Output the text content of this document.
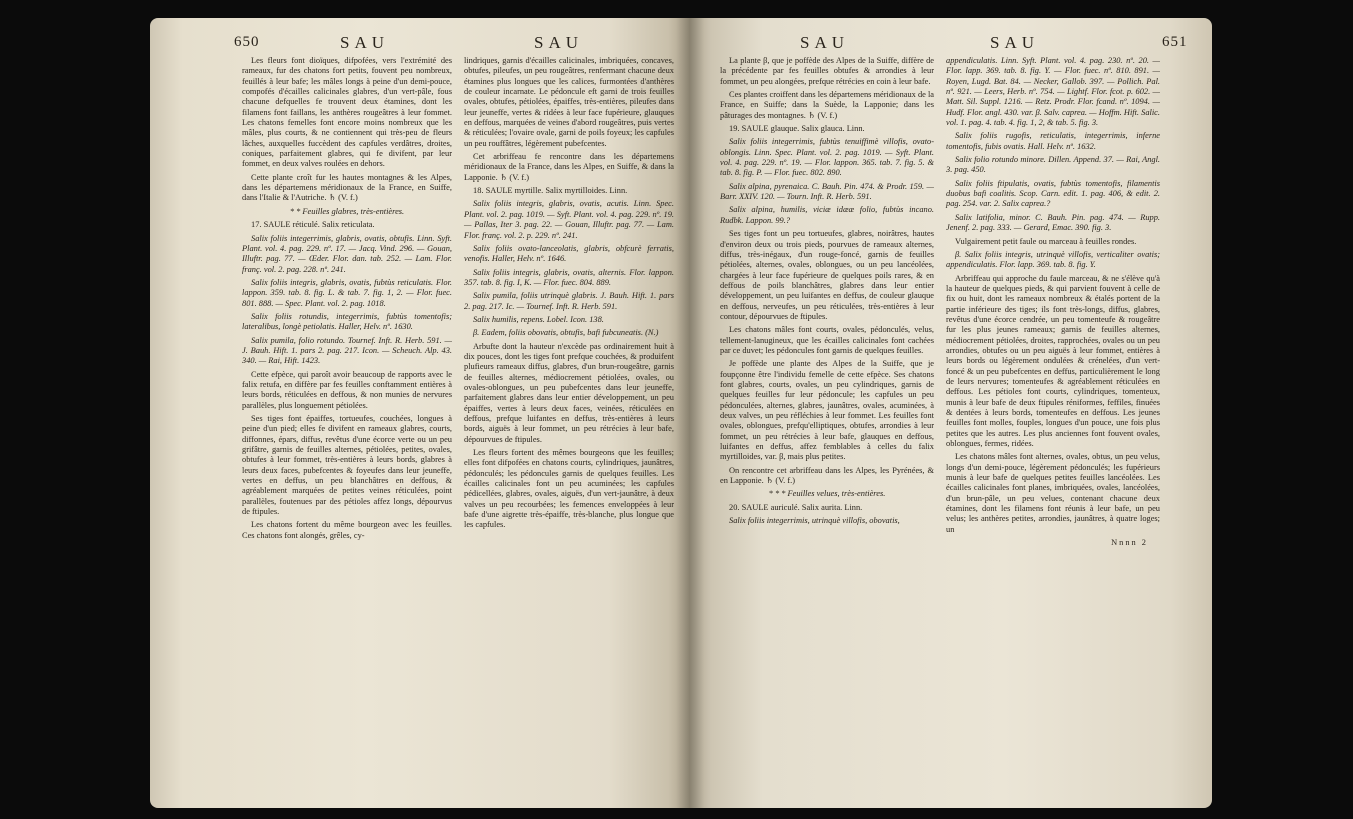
650	SAU	SAU

Les fleurs font dioïques, difpofées, vers l'extrémité des rameaux, fur des chatons fort petits, fouvent peu nombreux, feuillés à leur bafe; les mâles longs à peine d'un demi-pouce, compofés d'écailles calicinales glabres, d'un vert-pâle, fous chacune defquelles fe trouvent deux étamines, dont les filamens font faillans, les anthères rougeâtres à leur fommet. Les chatons femelles font encore moins nombreux que les mâles, plus courts, & ne contiennent qui très-peu de fleurs lâches, auxquelles fuccèdent des capfules verdâtres, droites, coniques, parfaitement glabres, qui fe divifent, par leur fommet, en deux valves roulées en dehors.

Cette plante croît fur les hautes montagnes & les Alpes, dans les départemens méridionaux de la France, en Suiffe, dans l'Italie & l'Autriche. ♄ (V. f.)

* * Feuilles glabres, très-entières.

17. SAULE réticulé. Salix reticulata.

Salix foliis integerrimis, glabris, ovatis, obtufis. Linn. Syft. Plant. vol. 4. pag. 229. nº. 17. — Jacq. Vind. 296. — Gouan, Illuftr. pag. 77. — Œder. Flor. dan. tab. 252. — Lam. Flor. franç. vol. 2. pag. 228. nº. 241.

Salix foliis integris, glabris, ovatis, fubtùs reticulatis. Flor. lappon. 359. tab. 8. fig. L. & tab. 7. fig. 1, 2. — Flor. fuec. 801. 888. — Spec. Plant. vol. 2. pag. 1018.

Salix foliis rotundis, integerrimis, fubtùs tomentofis; lateralibus, longè petiolatis. Haller, Helv. nº. 1630.

Salix pumila, folio rotundo. Tournef. Inft. R. Herb. 591. — J. Bauh. Hift. 1. pars 2. pag. 217. Icon. — Scheuch. Alp. 43. 340. — Rai, Hift. 1423.

Cette efpèce, qui paroît avoir beaucoup de rapports avec le falix retufa, en diffère par fes feuilles conftamment entières à leurs bords, réticulées en deffous, & non munies de nervures parallèles, plus longuement pétiolées.

Ses tiges font épaiffes, tortueufes, couchées, longues à peine d'un pied; elles fe divifent en rameaux glabres, courts, diffonnes, épars, diffus, revêtus d'une écorce verte ou un peu grifâtre, garnis de feuilles alternes, pétiolées, petites, ovales, obtufes à leur fommet, très-entières à leurs bords, glabres à leurs deux faces, pubefcentes & foyeufes dans leur jeuneffe, vertes en deffus, un peu blanchâtres en deffous, & agréablement marquées de petites veines réticulées, point parallèles, foutenues par des pétioles affez longs, dépourvus de ftipules.

Les chatons fortent du même bourgeon avec les feuilles. Ces chatons font alongés, grêles, cy-

lindriques, garnis d'écailles calicinales, imbriquées, concaves, obtufes, pileufes, un peu rougeâtres, renfermant chacune deux étamines plus longues que les calices, furmontées d'anthères de couleur incarnate. Le pédoncule eft garni de trois feuilles ovales, obtufes, pétiolées, épaiffes, très-entières, pileufes dans leur jeuneffe, vertes & ridées à leur face fupérieure, glauques en deffous, marquées de veines d'abord rougeâtres, puis vertes & réticulées; l'ovaire ovale, garni de poils foyeux; les capfules un peu rouffâtres, légèrement pubefcentes.

Cet arbriffeau fe rencontre dans les départemens méridionaux de la France, dans les Alpes, en Suiffe, & dans la Lapponie. ♄ (V. f.)

18. SAULE myrtille. Salix myrtilloides. Linn.

Salix foliis integris, glabris, ovatis, acutis. Linn. Spec. Plant. vol. 2. pag. 1019. — Syft. Plant. vol. 4. pag. 229. nº. 19. — Pallas, Iter 3. pag. 22. — Gouan, Illuftr. pag. 77. — Lam. Flor. franç. vol. 2. p. 229. nº. 241.

Salix foliis ovato-lanceolatis, glabris, obfcurè ferratis, venofis. Haller, Helv. nº. 1646.

Salix foliis integris, glabris, ovatis, alternis. Flor. lappon. 357. tab. 8. fig. I, K. — Flor. fuec. 804. 889.

Salix pumila, foliis utrinquè glabris. J. Bauh. Hift. 1. pars 2. pag. 217. Ic. — Tournef. Inft. R. Herb. 591.

Salix humilis, repens. Lobel. Icon. 138.

β. Eadem, foliis obovatis, obtufis, bafi fubcuneatis. (N.)

Arbufte dont la hauteur n'excède pas ordinairement huit à dix pouces, dont les tiges font prefque couchées, & produifent plufieurs rameaux diffus, glabres, d'un brun-rougeâtre, garnis de feuilles alternes, médiocrement pétiolées, ovales, ou ovales-oblongues, un peu pubefcentes dans leur jeuneffe, parfaitement glabres dans leur entier développement, un peu épaiffes, vertes à leurs deux faces, veinées, réticulées en deffous, prefque luifantes en deffus, très-entières à leurs bords, aiguës à leur fommet, un peu rétrécies à leur bafe, dépourvues de ftipules.

Les fleurs fortent des mêmes bourgeons que les feuilles; elles font difpofées en chatons courts, cylindriques, jaunâtres, pédonculés; les pédoncules garnis de quelques feuilles. Les écailles calicinales font un peu acuminées; les capfules pédicellées, glabres, ovales, aiguës, d'un vert-jaunâtre, à deux valves un peu recourbées; les femences enveloppées à leur bafe d'une aigrette très-épaiffe, très-blanche, plus longue que les capfules.

SAU	SAU	651

La plante β, que je poffède des Alpes de la Suiffe, diffère de la précédente par fes feuilles obtufes & arrondies à leur fommet, un peu alongées, prefque rétrécies en coin à leur bafe.

Ces plantes croiffent dans les départemens méridionaux de la France, en Suiffe; dans la Suède, la Lapponie; dans les pâturages des montagnes. ♄ (V. f.)

19. SAULE glauque. Salix glauca. Linn.

Salix foliis integerrimis, fubtùs tenuiffimè villofis, ovato-oblongis. Linn. Spec. Plant. vol. 2. pag. 1019. — Syft. Plant. vol. 4. pag. 229. nº. 19. — Flor. lappon. 365. tab. 7. fig. 5. & tab. 8. fig. P. — Flor. fuec. 802. 890.

Salix alpina, pyrenaica. C. Bauh. Pin. 474. & Prodr. 159. — Barr. XXIV. 120. — Tourn. Inft. R. Herb. 591.

Salix alpina, humilis, viciæ idææ folio, fubtùs incano. Rudbk. Lappon. 99.?

Ses tiges font un peu tortueufes, glabres, noirâtres, hautes d'environ deux ou trois pieds, pourvues de rameaux alternes, diffus, très-inégaux, d'un rouge-foncé, garnis de feuilles pétiolées, alternes, ovales, oblongues, ou un peu lancéolées, chargées à leur face fupérieure de quelques poils rares, & en deffous de poils blanchâtres, glabres dans leur entier développement, un peu luifantes en deffus, de couleur glauque en deffous, nerveufes, un peu réticulées, très-entières à leur contour, dépourvues de ftipules.

Les chatons mâles font courts, ovales, pédonculés, velus, tellement-lanugineux, que les écailles calicinales font cachées par ce duvet; les pédoncules font garnis de quelques feuilles.

Je poffède une plante des Alpes de la Suiffe, que je foupçonne être l'individu femelle de cette efpèce. Ses chatons font glabres, courts, ovales, un peu cylindriques, garnis de quelques feuilles fur leur pédoncule; les capfules un peu pédonculées, alternes, glabres, jaunâtres, ovales, acuminées, à deux valves, un peu réfléchies à leur fommet. Les feuilles font ovales, oblongues, prefqu'elliptiques, obtufes, arrondies à leur fommet, un peu rétrécies à leur bafe, glauques en deffous, luifantes en deffus, affez femblables à celles du falix myrtilloides, var. β, mais plus petites.

On rencontre cet arbriffeau dans les Alpes, les Pyrénées, & en Lapponie. ♄ (V. f.)

* * * Feuilles velues, très-entières.

20. SAULE auriculé. Salix aurita. Linn.

Salix foliis integerrimis, utrinquè villofis, obovatis,

appendiculatis. Linn. Syft. Plant. vol. 4. pag. 230. nº. 20. — Flor. lapp. 369. tab. 8. fig. Y. — Flor. fuec. nº. 810. 891. — Royen, Lugd. Bat. 84. — Necker, Gallob. 397. — Pollich. Pal. nº. 921. — Leers, Herb. nº. 754. — Lightf. Flor. fcot. p. 602. — Matt. Sil. Suppl. 1216. — Retz. Prodr. Flor. fcand. nº. 1094. — Hudf. Flor. angl. 430. var. β. Salv. caprea. — Hoffm. Hift. Salic. vol. 1. pag. 4. tab. 4. fig. 1, 2, & tab. 5. fig. 3.

Salix foliis rugofis, reticulatis, integerrimis, inferne tomentofis, fubis ovatis. Hall. Helv. nº. 1632.

Salix folio rotundo minore. Dillen. Append. 37. — Rai, Angl. 3. pag. 450.

Salix foliis ftipulatis, ovatis, fubtùs tomentofis, filamentis duobus bafi coalitis. Scop. Carn. edit. 1. pag. 406, & edit. 2. pag. 254. var. 2. Salix caprea.?

Salix latifolia, minor. C. Bauh. Pin. pag. 474. — Rupp. Jenenf. 2. pag. 333. — Gerard, Emac. 390. fig. 3.

Vulgairement petit faule ou marceau à feuilles rondes.

β. Salix foliis integris, utrinquè villofis, verticaliter ovatis; appendiculatis. Flor. lapp. 369. tab. 8. fig. Y.

Arbriffeau qui approche du faule marceau, & ne s'élève qu'à la hauteur de quelques pieds, & qui parvient fouvent à celle de fix ou huit, dont les rameaux nombreux & étalés portent de la partie inférieure des tiges; ils font très-longs, diffus, glabres, revêtus d'une écorce cendrée, un peu tomenteufe & rougeâtre fur les plus jeunes rameaux; garnis de feuilles alternes, médiocrement pétiolées, droites, rapprochées, ovales ou un peu arrondies, obtufes ou un peu aiguës à leur fommet, entières à leurs bords ou légèrement ondulées & crénelées, d'un vert-foncé & un peu pubefcentes en deffus, particulièrement le long de leurs nervures; tomenteufes & agréablement réticulées en deffous. Les pétioles font courts, cylindriques, tomenteux, munis à leur bafe de deux ftipules réniformes, feffiles, finuées & dentées à leurs bords, tomenteufes en deffous. Les jeunes feuilles font molles, fouples, longues d'un pouce, une fois plus petites que les autres. Les plus anciennes font fouvent ovales, oblongues, fermes, ridées.

Les chatons mâles font alternes, ovales, obtus, un peu velus, longs d'un demi-pouce, légèrement pédonculés; les fupérieurs munis à leur bafe de quelques petites feuilles lancéolées. Les écailles calicinales font planes, imbriquées, ovales, lancéolées, d'un brun-pâle, un peu velues, contenant chacune deux étamines, dont les filamens font réunis à leur bafe, un peu velus; les anthères petites, arrondies, jaunâtres, à quatre loges; un

Nnnn 2
